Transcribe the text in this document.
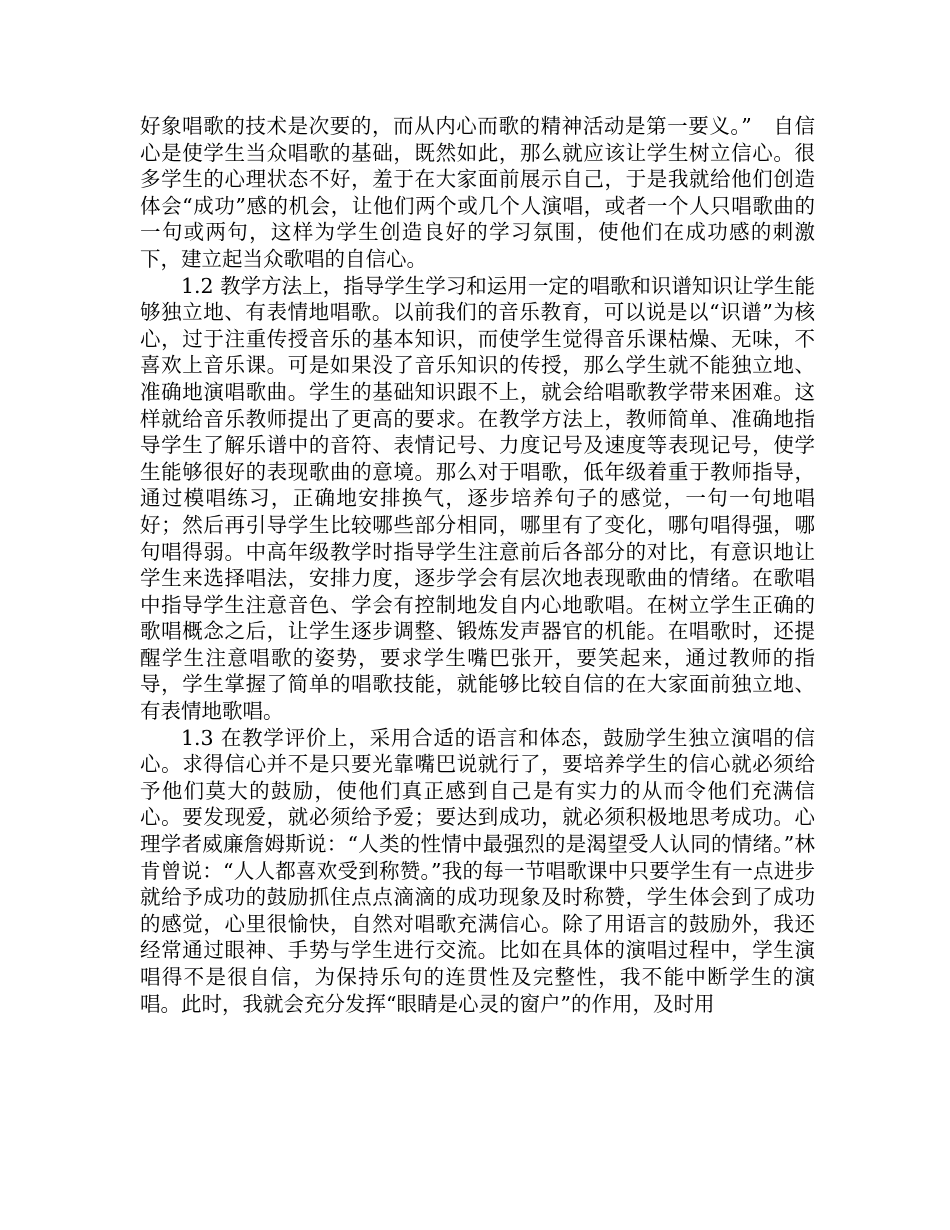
好象唱歌的技术是次要的，而从内心而歌的精神活动是第一要义。”　自信心是使学生当众唱歌的基础，既然如此，那么就应该让学生树立信心。很多学生的心理状态不好，羞于在大家面前展示自己，于是我就给他们创造体会“成功”感的机会，让他们两个或几个人演唱，或者一个人只唱歌曲的一句或两句，这样为学生创造良好的学习氛围，使他们在成功感的刺激下，建立起当众歌唱的自信心。

1.2 教学方法上，指导学生学习和运用一定的唱歌和识谱知识让学生能够独立地、有表情地唱歌。以前我们的音乐教育，可以说是以“识谱”为核心，过于注重传授音乐的基本知识，而使学生觉得音乐课枯燥、无味，不喜欢上音乐课。可是如果没了音乐知识的传授，那么学生就不能独立地、准确地演唱歌曲。学生的基础知识跟不上，就会给唱歌教学带来困难。这样就给音乐教师提出了更高的要求。在教学方法上，教师简单、准确地指导学生了解乐谱中的音符、表情记号、力度记号及速度等表现记号，使学生能够很好的表现歌曲的意境。那么对于唱歌，低年级着重于教师指导，通过模唱练习，正确地安排换气，逐步培养句子的感觉，一句一句地唱好；然后再引导学生比较哪些部分相同，哪里有了变化，哪句唱得强，哪句唱得弱。中高年级教学时指导学生注意前后各部分的对比，有意识地让学生来选择唱法，安排力度，逐步学会有层次地表现歌曲的情绪。在歌唱中指导学生注意音色、学会有控制地发自内心地歌唱。在树立学生正确的歌唱概念之后，让学生逐步调整、锻炼发声器官的机能。在唱歌时，还提醒学生注意唱歌的姿势，要求学生嘴巴张开，要笑起来，通过教师的指导，学生掌握了简单的唱歌技能，就能够比较自信的在大家面前独立地、有表情地歌唱。

1.3 在教学评价上，采用合适的语言和体态，鼓励学生独立演唱的信心。求得信心并不是只要光靠嘴巴说就行了，要培养学生的信心就必须给予他们莫大的鼓励，使他们真正感到自己是有实力的从而令他们充满信心。要发现爱，就必须给予爱；要达到成功，就必须积极地思考成功。心理学者威廉詹姆斯说：“人类的性情中最强烈的是渴望受人认同的情绪。”林肯曾说：“人人都喜欢受到称赞。”我的每一节唱歌课中只要学生有一点进步就给予成功的鼓励抓住点点滴滴的成功现象及时称赞，学生体会到了成功的感觉，心里很愉快，自然对唱歌充满信心。除了用语言的鼓励外，我还经常通过眼神、手势与学生进行交流。比如在具体的演唱过程中，学生演唱得不是很自信，为保持乐句的连贯性及完整性，我不能中断学生的演唱。此时，我就会充分发挥“眼睛是心灵的窗户”的作用，及时用
